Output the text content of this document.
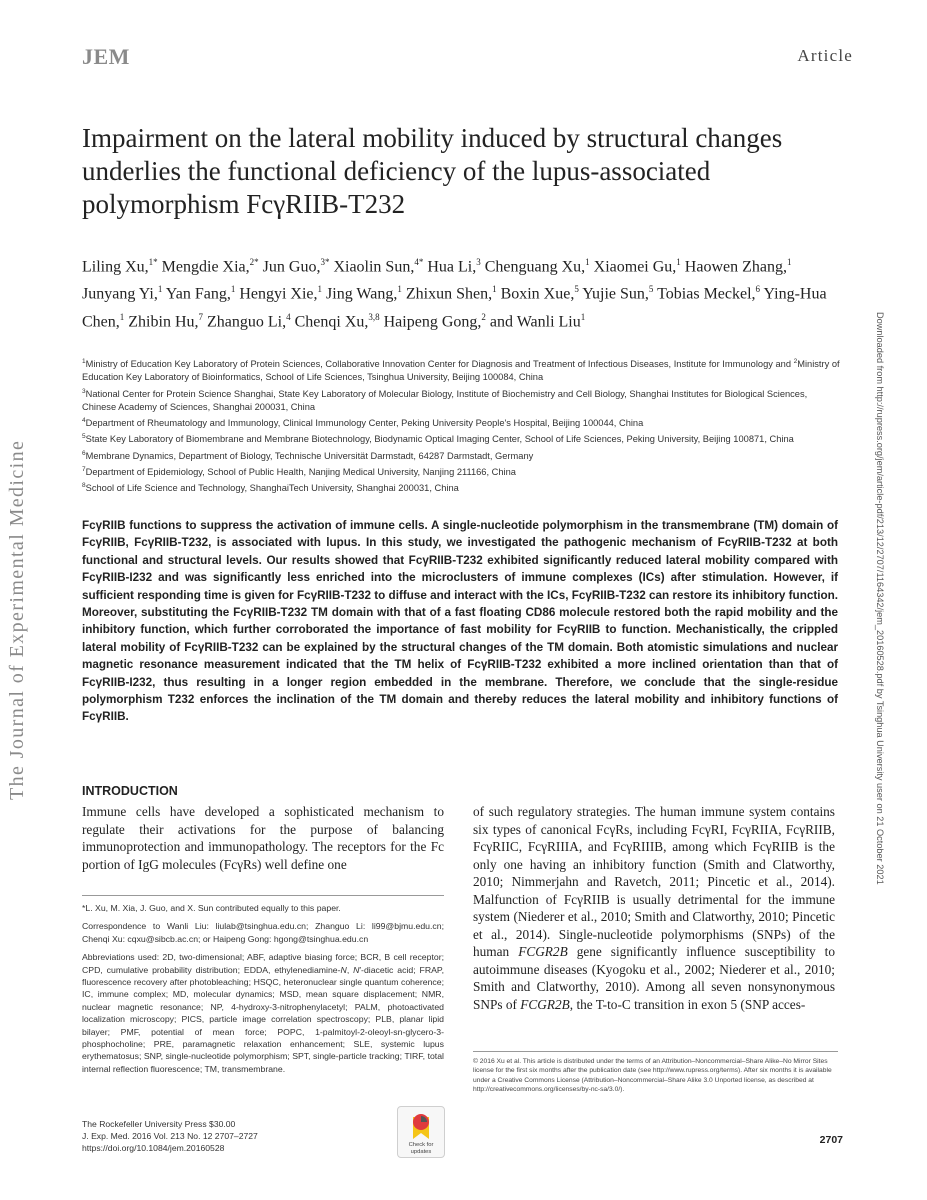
JEM	Article
The Journal of Experimental Medicine	Downloaded from http://rupress.org/jem/article-pdf/213/12/2707/1164342/jem_20160528.pdf by Tsinghua University user on 21 October 2021
Impairment on the lateral mobility induced by structural changes underlies the functional deficiency of the lupus-associated polymorphism FcγRIIB-T232

Liling Xu,$^{1*}$ Mengdie Xia,$^{2*}$ Jun Guo,$^{3*}$ Xiaolin Sun,$^{4*}$ Hua Li,$^3$ Chenguang Xu,$^1$ Xiaomei Gu,$^1$ Haowen Zhang,$^1$ Junyang Yi,$^1$ Yan Fang,$^1$ Hengyi Xie,$^1$ Jing Wang,$^1$ Zhixun Shen,$^1$ Boxin Xue,$^5$ Yujie Sun,$^5$ Tobias Meckel,$^6$ Ying-Hua Chen,$^1$ Zhibin Hu,$^7$ Zhanguo Li,$^4$ Chenqi Xu,$^{3,8}$ Haipeng Gong,$^2$ and Wanli Liu$^1$

$^1$Ministry of Education Key Laboratory of Protein Sciences, Collaborative Innovation Center for Diagnosis and Treatment of Infectious Diseases, Institute for Immunology and $^2$Ministry of Education Key Laboratory of Bioinformatics, School of Life Sciences, Tsinghua University, Beijing 100084, China
$^3$National Center for Protein Science Shanghai, State Key Laboratory of Molecular Biology, Institute of Biochemistry and Cell Biology, Shanghai Institutes for Biological Sciences, Chinese Academy of Sciences, Shanghai 200031, China
$^4$Department of Rheumatology and Immunology, Clinical Immunology Center, Peking University People's Hospital, Beijing 100044, China
$^5$State Key Laboratory of Biomembrane and Membrane Biotechnology, Biodynamic Optical Imaging Center, School of Life Sciences, Peking University, Beijing 100871, China
$^6$Membrane Dynamics, Department of Biology, Technische Universität Darmstadt, 64287 Darmstadt, Germany
$^7$Department of Epidemiology, School of Public Health, Nanjing Medical University, Nanjing 211166, China
$^8$School of Life Science and Technology, ShanghaiTech University, Shanghai 200031, China

FcγRIIB functions to suppress the activation of immune cells. A single-nucleotide polymorphism in the transmembrane (TM) domain of FcγRIIB, FcγRIIB-T232, is associated with lupus. In this study, we investigated the pathogenic mechanism of FcγRIIB-T232 at both functional and structural levels. Our results showed that FcγRIIB-T232 exhibited significantly reduced lateral mobility compared with FcγRIIB-I232 and was significantly less enriched into the microclusters of immune complexes (ICs) after stimulation. However, if sufficient responding time is given for FcγRIIB-T232 to diffuse and interact with the ICs, FcγRIIB-T232 can restore its inhibitory function. Moreover, substituting the FcγRIIB-T232 TM domain with that of a fast floating CD86 molecule restored both the rapid mobility and the inhibitory function, which further corroborated the importance of fast mobility for FcγRIIB to function. Mechanistically, the crippled lateral mobility of FcγRIIB-T232 can be explained by the structural changes of the TM domain. Both atomistic simulations and nuclear magnetic resonance measurement indicated that the TM helix of FcγRIIB-T232 exhibited a more inclined orientation than that of FcγRIIB-I232, thus resulting in a longer region embedded in the membrane. Therefore, we conclude that the single-residue polymorphism T232 enforces the inclination of the TM domain and thereby reduces the lateral mobility and inhibitory functions of FcγRIIB.

INTRODUCTION

Immune cells have developed a sophisticated mechanism to regulate their activations for the purpose of balancing immunoprotection and immunopathology. The receptors for the Fc portion of IgG molecules (FcγRs) well define one

of such regulatory strategies. The human immune system contains six types of canonical FcγRs, including FcγRI, FcγRIIA, FcγRIIB, FcγRIIC, FcγRIIIA, and FcγRIIIB, among which FcγRIIB is the only one having an inhibitory function (Smith and Clatworthy, 2010; Nimmerjahn and Ravetch, 2011; Pincetic et al., 2014). Malfunction of FcγRIIB is usually detrimental for the immune system (Niederer et al., 2010; Smith and Clatworthy, 2010; Pincetic et al., 2014). Single-nucleotide polymorphisms (SNPs) of the human FCGR2B gene significantly influence susceptibility to autoimmune diseases (Kyogoku et al., 2002; Niederer et al., 2010; Smith and Clatworthy, 2010). Among all seven nonsynonymous SNPs of FCGR2B, the T-to-C transition in exon 5 (SNP acces-

*L. Xu, M. Xia, J. Guo, and X. Sun contributed equally to this paper.

Correspondence to Wanli Liu: liulab@tsinghua.edu.cn; Zhanguo Li: li99@bjmu.edu.cn; Chenqi Xu: cqxu@sibcb.ac.cn; or Haipeng Gong: hgong@tsinghua.edu.cn

Abbreviations used: 2D, two-dimensional; ABF, adaptive biasing force; BCR, B cell receptor; CPD, cumulative probability distribution; EDDA, ethylenediamine-N, N′-diacetic acid; FRAP, fluorescence recovery after photobleaching; HSQC, heteronuclear single quantum coherence; IC, immune complex; MD, molecular dynamics; MSD, mean square displacement; NMR, nuclear magnetic resonance; NP, 4-hydroxy-3-nitrophenylacetyl; PALM, photoactivated localization microscopy; PICS, particle image correlation spectroscopy; PLB, planar lipid bilayer; PMF, potential of mean force; POPC, 1-palmitoyl-2-oleoyl-sn-glycero-3-phosphocholine; PRE, paramagnetic relaxation enhancement; SLE, systemic lupus erythematosus; SNP, single-nucleotide polymorphism; SPT, single-particle tracking; TIRF, total internal reflection fluorescence; TM, transmembrane.

© 2016 Xu et al. This article is distributed under the terms of an Attribution–Noncommercial–Share Alike–No Mirror Sites license for the first six months after the publication date (see http://www.rupress.org/terms). After six months it is available under a Creative Commons License (Attribution–Noncommercial–Share Alike 3.0 Unported license, as described at http://creativecommons.org/licenses/by-nc-sa/3.0/).

The Rockefeller University Press $30.00
J. Exp. Med. 2016 Vol. 213 No. 12 2707–2727
https://doi.org/10.1084/jem.20160528	Check for updates
2707
